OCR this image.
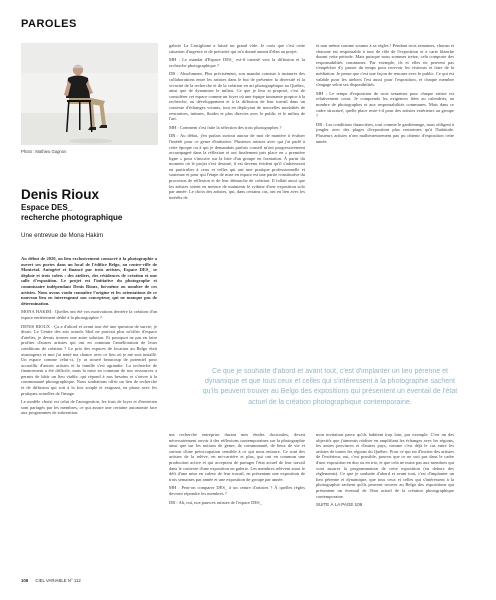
PAROLES
Photo : Mathieu Gagnon
Denis Rioux
Espace DES_
recherche photographique
Une entrevue de Mona Hakim

Au début de 2020, on lieu exclusivement consacré à la photographie a ouvert ses portes dans un local de l'édifice Belgo, au centre-ville de Montréal. Autogéré et financé par trois artistes, Espace DES_ se déploie et trois volets : des ateliers, des résidences de création et une salle d'exposition. Le projet est l'initiative du photographe et commissaire indépendant Denis Rioux, lui-même ou nombre de ces artistes. Nous avons voulu connaître l'origine et les orientations de ce nouveau lieu en interrogeant son concepteur, qui ne manque pas de détermination.

MONA HAKIM : Quelles ont été vos motivations derrière la création d'un espace entièrement dédié à la photographie ?

DENIS RIOUX : Ça a d'abord et avant tout été une question de survie, je dirais. Le Centre des arts actuels Skol ne pouvait plus m'offrir d'espace d'atelier, je devais trouver une autre solution. Et pourquoi ne pas en faire profiter d'autres artistes qui ont en commun l'amélioration de leurs conditions de création ? Le prix des espaces de location au Belgo était avantageux et moi j'ai tenté ma chance avec ce lieu où je me suis installé. Un espace comme celui-ci, j'y ai trouvé beaucoup de potentiel pour accueillir d'autres artistes et la famille s'est agrandie. La recherche de financement a été difficile, mais la mise en commun de nos ressources a permis de bâtir un lieu viable, qui répond à nos besoins et s'ouvre à la communauté photographique. Nous souhaitons offrir un lieu de recherche et de diffusion qui soit à la fois souple et exigeant, en phase avec les pratiques actuelles de l'image.

Le modèle choisi est celui de l'autogestion, les frais de loyer et d'entretien sont partagés par les membres, ce qui assure une certaine autonomie face aux programmes de subvention.

galerie La Castiglione a laissé un grand vide. Je crois que c'est cette situation d'urgence et de précarité qui m'a donné autant d'élan au projet.

MH : Le mandat d'Espace DES_ est-il orienté vers la diffusion et la recherche photographique ?

DR : Absolument. Plus précisément, son mandat consiste à instaurer des collaborations entre les artistes dans le but de présenter la diversité et la vivacité de la recherche et de la création en art photographique au Québec, ainsi que de dynamiser le milieu. Ce que je leur ai proposé, c'est de considérer cet espace comme un foyer où une équipe tournante propice à la recherche, au développement et à la diffusion de leur travail dans un contexte d'échanges vivants, tout en déployant de nouvelles modalités de rencontres, intimes, fluides et plus directes avec le public et le milieu de l'art.

MH : Comment s'est faite la sélection des trois photographes ?

DR : Au début, j'en parlais surtout autour de moi de manière à évaluer l'intérêt pour ce genre d'initiative. Plusieurs artistes avec qui j'ai parlé à cette époque ou à qui je demandais parfois conseil m'ont progressivement accompagné dans la réflexion et ont finalement pris place en « première ligne » pour s'inscrire sur la liste d'un groupe en formation. À partir du moment où le projet s'est dessiné, il est devenu évident qu'il s'adresserait en particulier à ceux et celles qui ont une pratique professionnelle et soutenue et pour qui l'étape de mise en espace est une partie constitutive du processus de réflexion et de leur démarche de création. Il fallait aussi que les artistes soient en mesure de maintenir le rythme d'une exposition solo par année. Le choix des artistes, qui, dans certains cas, ont eu lien avec les intérêts de

et non même comme soumis à sa règles ! Pendant trois semaines, chacun et chacune est responsable à tour de rôle de l'exposition et a carte blanche durant cette période. Mais puisque nous sommes treize, cela comporte des responsabilités communes. Par exemple, ils et elles ne peuvent pas s'empêcher d'y passer du temps pour recevoir les visiteurs et faire de la médiation. Je pense que c'est une façon de renouer avec le public. Ce qui est valable pour les ateliers l'est aussi pour l'exposition, et chaque membre s'engage selon ses disponibilités.

MH : Le temps d'exposition de trois semaines pour chaque artiste est relativement court. Je comprends les exigences liées au calendrier, au nombre de photographes et aux responsabilités communes. Mais dans ce cadre structuré, quelle place reste-t-il pour des artistes extérieurs au groupe ?

DR : Les conditions financières, tout comme le gardiennage, nous obligent à jongler avec des plages d'exposition plus restreintes qu'à l'habitude. Plusieurs artistes n'ont malheureusement pas pu obtenir d'exposition cette année.

Ce que je souhaite d'abord et avant tout, c'est d'implanter un lieu pérenne et dynamique et que tous ceux et celles qui s'intéressent à la photographie sachent qu'ils peuvent trouver au Belgo des expositions qui présentent un éventail de l'état actuel de la création photographique contemporaine.

ma recherche entreprise durant mes études doctorales, devait nécessairement ouvrir à des réflexions contemporaines sur la photographie ainsi que sur les notions de genre, de communauté, de lieux de vie et surtout d'une préoccupation sensible à ce qui nous entoure. Ce sont des artistes de la relève, en mi-carrière et plus, qui ont en commun une production active et qui acceptent de partager l'état actuel de leur travail dans le contexte d'une exposition en galerie. Les membres relèvent aussi le défi d'une mise en valeur de leur travail, en présentant une exposition de trois semaines par année et une exposition de groupe par année.

MH : Peut-on comparer DES_ à un centre d'artistes ? À quelles règles devront répondre les membres ?

DR : Ah, oui, nos pauvres artistes de l'espace DES_

mon invitation parce qu'ils habitent trop loin, par exemple. C'est un des objectifs que j'aimerais réaliser en amplifiant les échanges avec les régions, les autres provinces et d'autres pays, comme c'est déjà le cas entre les artistes de toutes les régions du Québec. Pour ce qui est d'inviter des artistes de l'extérieur, oui, c'est possible, pourvu que ce ne soit pas dans le cadre d'une exposition en duo ou en trio, et que cela ne nuise pas aux membres qui vont assurer la programmation de cette exposition (en dehors des règlements). Ce que je souhaite d'abord et avant tout, c'est d'implanter un lieu pérenne et dynamique, que tous ceux et celles qui s'intéressent à la photographie sachent qu'ils peuvent trouver au Belgo des expositions qui présentent un éventail de l'état actuel de la création photographique contemporaine.

SUITE À LA PAGE 109

108 CIEL VARIABLE N° 112
